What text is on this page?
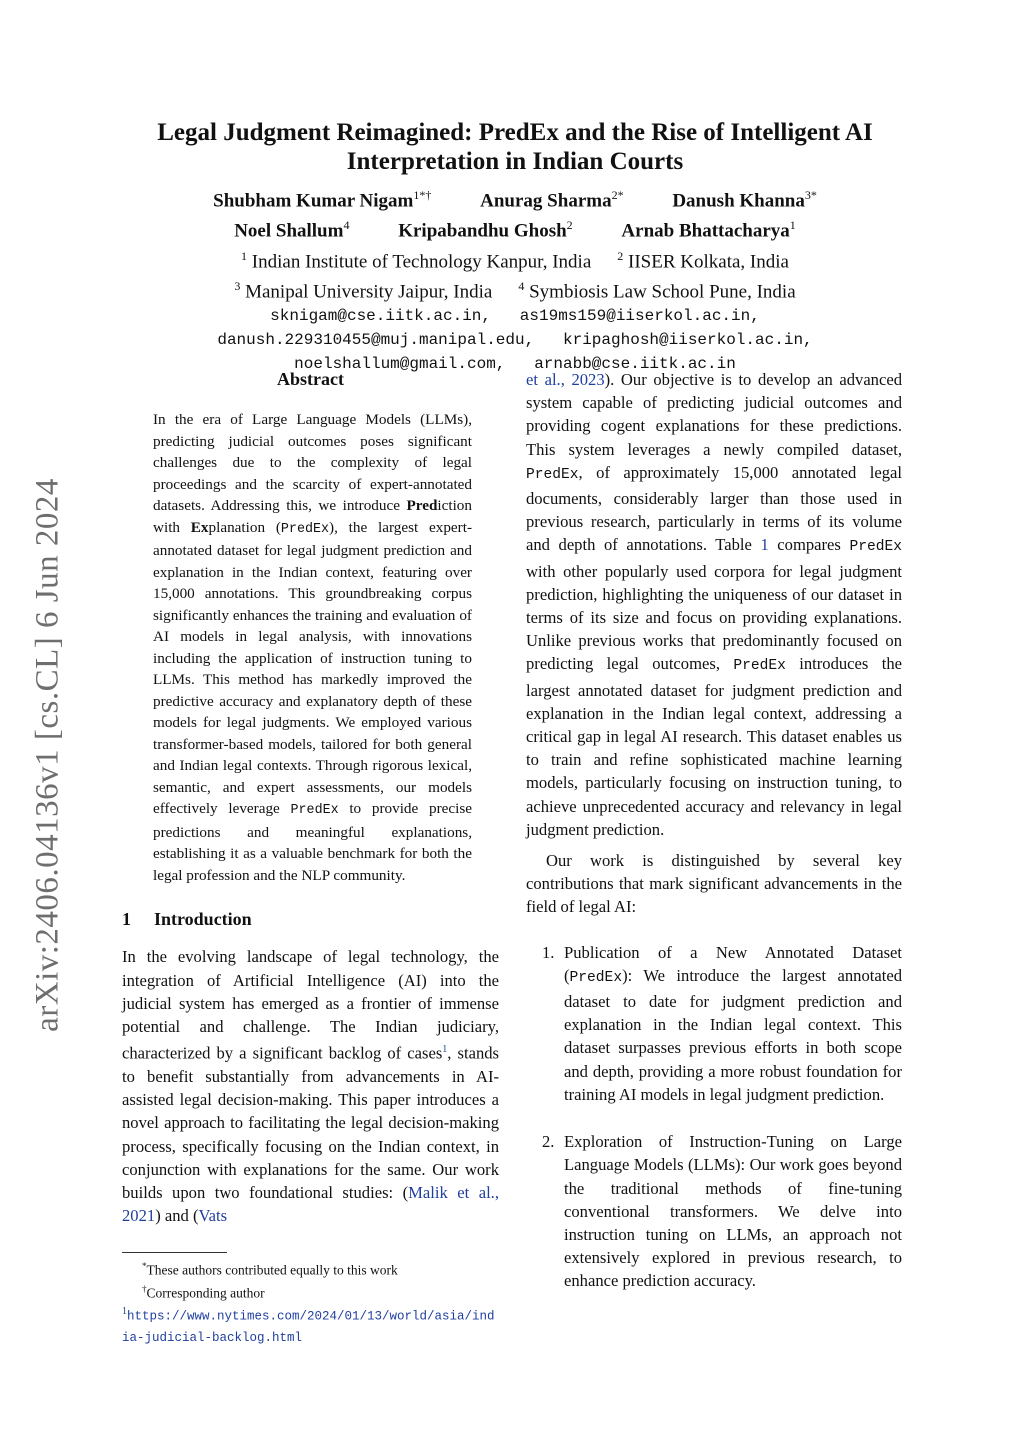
arXiv:2406.04136v1 [cs.CL] 6 Jun 2024
Legal Judgment Reimagined: PredEx and the Rise of Intelligent AI
Interpretation in Indian Courts
Shubham Kumar Nigam$^{1*\dagger}$	Anurag Sharma$^{2*}$	Danush Khanna$^{3*}$
Noel Shallum$^4$	Kripabandhu Ghosh$^2$	Arnab Bhattacharya$^1$
$^1$ Indian Institute of Technology Kanpur, India $^2$ IISER Kolkata, India
$^3$ Manipal University Jaipur, India $^4$ Symbiosis Law School Pune, India
sknigam@cse.iitk.ac.in,   as19ms159@iiserkol.ac.in,
danush.229310455@muj.manipal.edu,   kripaghosh@iiserkol.ac.in,
noelshallum@gmail.com,   arnabb@cse.iitk.ac.in
Abstract

In the era of Large Language Models (LLMs), predicting judicial outcomes poses significant challenges due to the complexity of legal proceedings and the scarcity of expert-annotated datasets. Addressing this, we introduce Prediction with Explanation (PredEx), the largest expert-annotated dataset for legal judgment prediction and explanation in the Indian context, featuring over 15,000 annotations. This groundbreaking corpus significantly enhances the training and evaluation of AI models in legal analysis, with innovations including the application of instruction tuning to LLMs. This method has markedly improved the predictive accuracy and explanatory depth of these models for legal judgments. We employed various transformer-based models, tailored for both general and Indian legal contexts. Through rigorous lexical, semantic, and expert assessments, our models effectively leverage PredEx to provide precise predictions and meaningful explanations, establishing it as a valuable benchmark for both the legal profession and the NLP community.

1 Introduction

In the evolving landscape of legal technology, the integration of Artificial Intelligence (AI) into the judicial system has emerged as a frontier of immense potential and challenge. The Indian judiciary, characterized by a significant backlog of cases$^1$, stands to benefit substantially from advancements in AI-assisted legal decision-making. This paper introduces a novel approach to facilitating the legal decision-making process, specifically focusing on the Indian context, in conjunction with explanations for the same. Our work builds upon two foundational studies: (Malik et al., 2021) and (Vats

et al., 2023). Our objective is to develop an advanced system capable of predicting judicial outcomes and providing cogent explanations for these predictions. This system leverages a newly compiled dataset, PredEx, of approximately 15,000 annotated legal documents, considerably larger than those used in previous research, particularly in terms of its volume and depth of annotations. Table 1 compares PredEx with other popularly used corpora for legal judgment prediction, highlighting the uniqueness of our dataset in terms of its size and focus on providing explanations. Unlike previous works that predominantly focused on predicting legal outcomes, PredEx introduces the largest annotated dataset for judgment prediction and explanation in the Indian legal context, addressing a critical gap in legal AI research. This dataset enables us to train and refine sophisticated machine learning models, particularly focusing on instruction tuning, to achieve unprecedented accuracy and relevancy in legal judgment prediction.

Our work is distinguished by several key contributions that mark significant advancements in the field of legal AI:

1. Publication of a New Annotated Dataset (PredEx): We introduce the largest annotated dataset to date for judgment prediction and explanation in the Indian legal context. This dataset surpasses previous efforts in both scope and depth, providing a more robust foundation for training AI models in legal judgment prediction.

2. Exploration of Instruction-Tuning on Large Language Models (LLMs): Our work goes beyond the traditional methods of fine-tuning conventional transformers. We delve into instruction tuning on LLMs, an approach not extensively explored in previous research, to enhance prediction accuracy.

*These authors contributed equally to this work
†Corresponding author
$^1$https://www.nytimes.com/2024/01/13/world/asia/india-judicial-backlog.html
